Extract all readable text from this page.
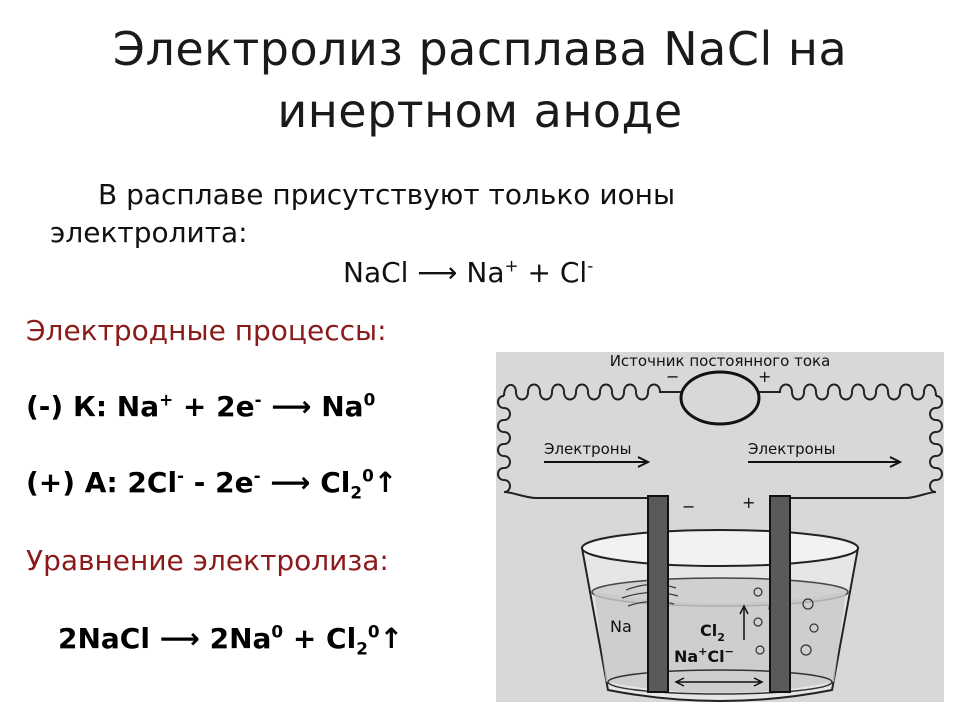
Электролиз расплава NaCl на
инертном аноде
В расплаве присутствуют только ионы
электролита:
NaCl ⟶ Na+ + Cl-
Электродные процессы:
(-) К: Na+ + 2e- ⟶ Na$^0$
(+) А: 2Cl- - 2e- ⟶ $Cl_2^0↑$
Уравнение электролиза:
2NaCl ⟶ $2Na^0$ + $Cl_2^0↑$
Источник постоянного тока
−	+
Электроны	Электроны
−	+
Na	$Cl_2$
Na+Cl−
